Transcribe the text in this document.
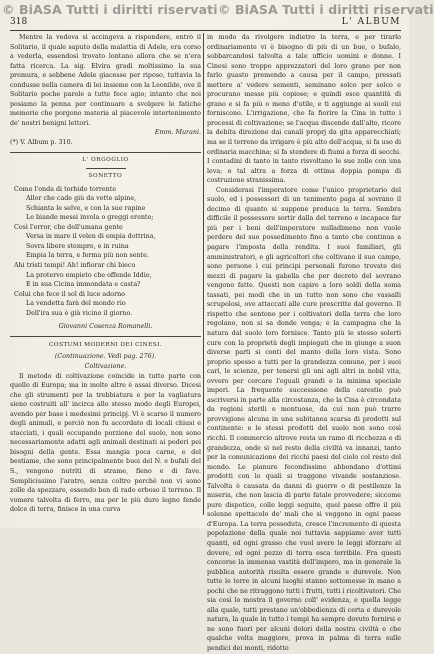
© BiASA Tutti i diritti riservati © BiASA Tutti i diritti riservati
318	L' ALBUM

Mentre la vedova si accingeva a rispondere, entrò il Solitario, il quale saputo della malattia di Adele, era corso a vederla, essendosi trovato lontano allora che se n'era fatta ricerca. La sig. Elvira gradì moltissimo la sua premura, e sebbene Adele giacesse per riposo, tuttavia la condusse nella camera di lei insieme con la Leonilde, ove il Solitario poche parole a tutte fece agio; intanto che noi posiamo la penna per continuare a svolgere le fatiche memorie che porgono materia al piacevole intertenimento de' nostri benigni lettori.

Emm. Murani.

(*) V. Album p. 310.

L' ORGOGLIO
SONETTO
Come l'onda di torbido torrente
Allor che cade giù da vette alpine,
Schianta le selve, e con la sue rapine
Le biande messi invola o greggi erente;
Così l'error, che dell'umana gente
Versa in mare il velen di empia dottrina,
Sovra libere stempre, e in ruina
Empia la terra, e ferma più non sente.
Ahi tristi tempi! Ah! infiorar chi bieco
La protervo empieto che offende Iddio,
E in sua Cicina immondata e casta?
Colui che fece il sol di luce adorno
La vendetta farà del mondo rio
Dell'ira sua è già vicino il giorno.
Giovanni Cosenza Romanelli.
COSTUMI MODERNI DEI CINESI.
(Continuazione. Vedi pag. 276).
Coltivazione.

Il metodo di coltivazione coincide in tutto parte con quello di Europa; ma in molte altre è assai diverso. Dicesi che gli strumenti per la trebbiatura e per la vagliatura sieno costruiti all' incirca allo stesso modo degli Europei, avendo per base i medesimi principj. Vi è scarso il numero degli animali, e perciò non fu accordato di locali chiusi e stacciati, i quali occupando porzione del suolo, non sono necessariamente adatti agli animali destinati ai poderi pei bisogni della gente. Essa mangia poca carne, e del bestiame, che sono principalmente buoi del N. e bufali del S., vengono nutriti di strame, fieno e di fave. Semplicissimo l'aratro, senza coltro perchè non vi sono zolle da spezzare, essendo ben di rado erboso il terreno. Il vomere talvolta di ferro, ma per le più duro legno fende dolce di terra, finisce in una curva

in modo da rivolgere indietro la terra, e per tirarlo ordinariamente vi è bisogno di più di un bue, o bufalo, sobbarcandosi talvolta a tale ufficio uomini e donne. I Cinesi sono troppo apprezzatori del loro grano per non farlo guasto premendo a causa per il campo, pressati mettere a' vedere sementi, seminano solco per solco e procurano messe più copiose; e quindi esce quantità di grano e si fa più o meno d'utile, e ti aggiunge ai suoli cui forniscono. L'irrigazione, che fa fiorire la Cina in tutto i processi di coltivazione; se l'acqua discende dall'alto, ricore la debita direzione dai canali proprj da gita apparecchiati; ma se il terreno da irrigare è più alto dell'acqua, si fa uso di ordinaria macchina; si fa stendere di fiumi a forza di secchi. I contadini di tanto in tanto risvoltano le sue zolle con una leva; e tal altra a forza di ottima doppia pompa di costruzione stranissima.

Considerasi l'imperatore come l'unico proprietario del suolo, ed i possessori di un tenimento paga al sovrano il decimo di quanto si suppone produca la terra. Sembra difficile il possessore sortir dalla del terreno e incapace far più per i beni dell'imperatore nulladimeno non vuole perdere del suo possedimento fino a tanto che continua a pagare l'imposta della rendita. I suoi familiari, gli amministratori, e gli agricoltori che coltivano il suo campo, sono persone i cui principi personali furono trovate dei mezzi di pagare la gabella che per decreto del sovrano vengono fatte. Questi non capire a loro soldi della soma tassati, pei modi che in un tutto non sono che vassalli scrupolosi, ove attaccati alle cure prescritte dal governo. Il rispetto che sentono per i coltivatori della terra che loro regolano, non si sa donde venga; e la campagna che la natura dal suolo loro fornisce. Tanto più le stesso solerti cure con la proprietà degli impiegati che in giunge a suon diverse parti si conti del manto della loro vista. Sono proprio spesso a tutti per la grandezza comune, per i suoi cari, le scienze, per tenersi gli uni agli altri in nobil vita, ovvero per cercare l'eguali grandi e la minima speciale imperi. La frequente successione della carestie può ascriversi in parte alla circostanza, che la Cina è circondata da regioni sterili e montuose, da cui non può trarre provvigione alcuna in una subitanea scarsa di prodotti sul continente: e le stessi prodotti del suolo non sono così ricchi. Il commercio altrove resta un ramo di ricchezza e di grandezza, onde si nel resto della civiltà va innanzi, tanto per la comunicazione dei ricchi paesi del cielo col resto del mondo. Le pianure fecondissime abbondano d'ottimi prodotti con le quali si traggono vivande sostanziose. Talvolta è causata da danni di guerre o di pestilenze la miseria, che non lascia di parte fatale provvedere; siccome pure dispotico, colle leggi seguite, quel paese offre il più solenne spettacolo de' mali che si veggono in ogni paese d'Europa. La terra posseduta, cresce l'incremento di questa popolazione della quale noi tuttavia sappiamo aver tutti quanti, ed ogni grasso che vuol avere le leggi sforzare al dovere, ed ogni pezzo di terra esca terribile. Fra questi concorse la immensa vastità dell'impero, ma in generale la pubblica autorità risulta essere grande e durevole. Non tutte le terre in alcuni luoghi stanno sottomesse in mano a pochi che ne ritraggono tutti i frutti, tutti i ricoltivatori. Che sia così lo mostra il governo coll' evidenza, e quella legge alla quale, tutti prestano un'obbedienza di certa e durevole natura, la quale in tutto i tempi ha sempre dovuto fornirsi e ne sono fuori per alcuni dolori della nostra civiltà e che qualche volta maggiore, prova in palma di terra sulle pendici dei monti, ridotte
